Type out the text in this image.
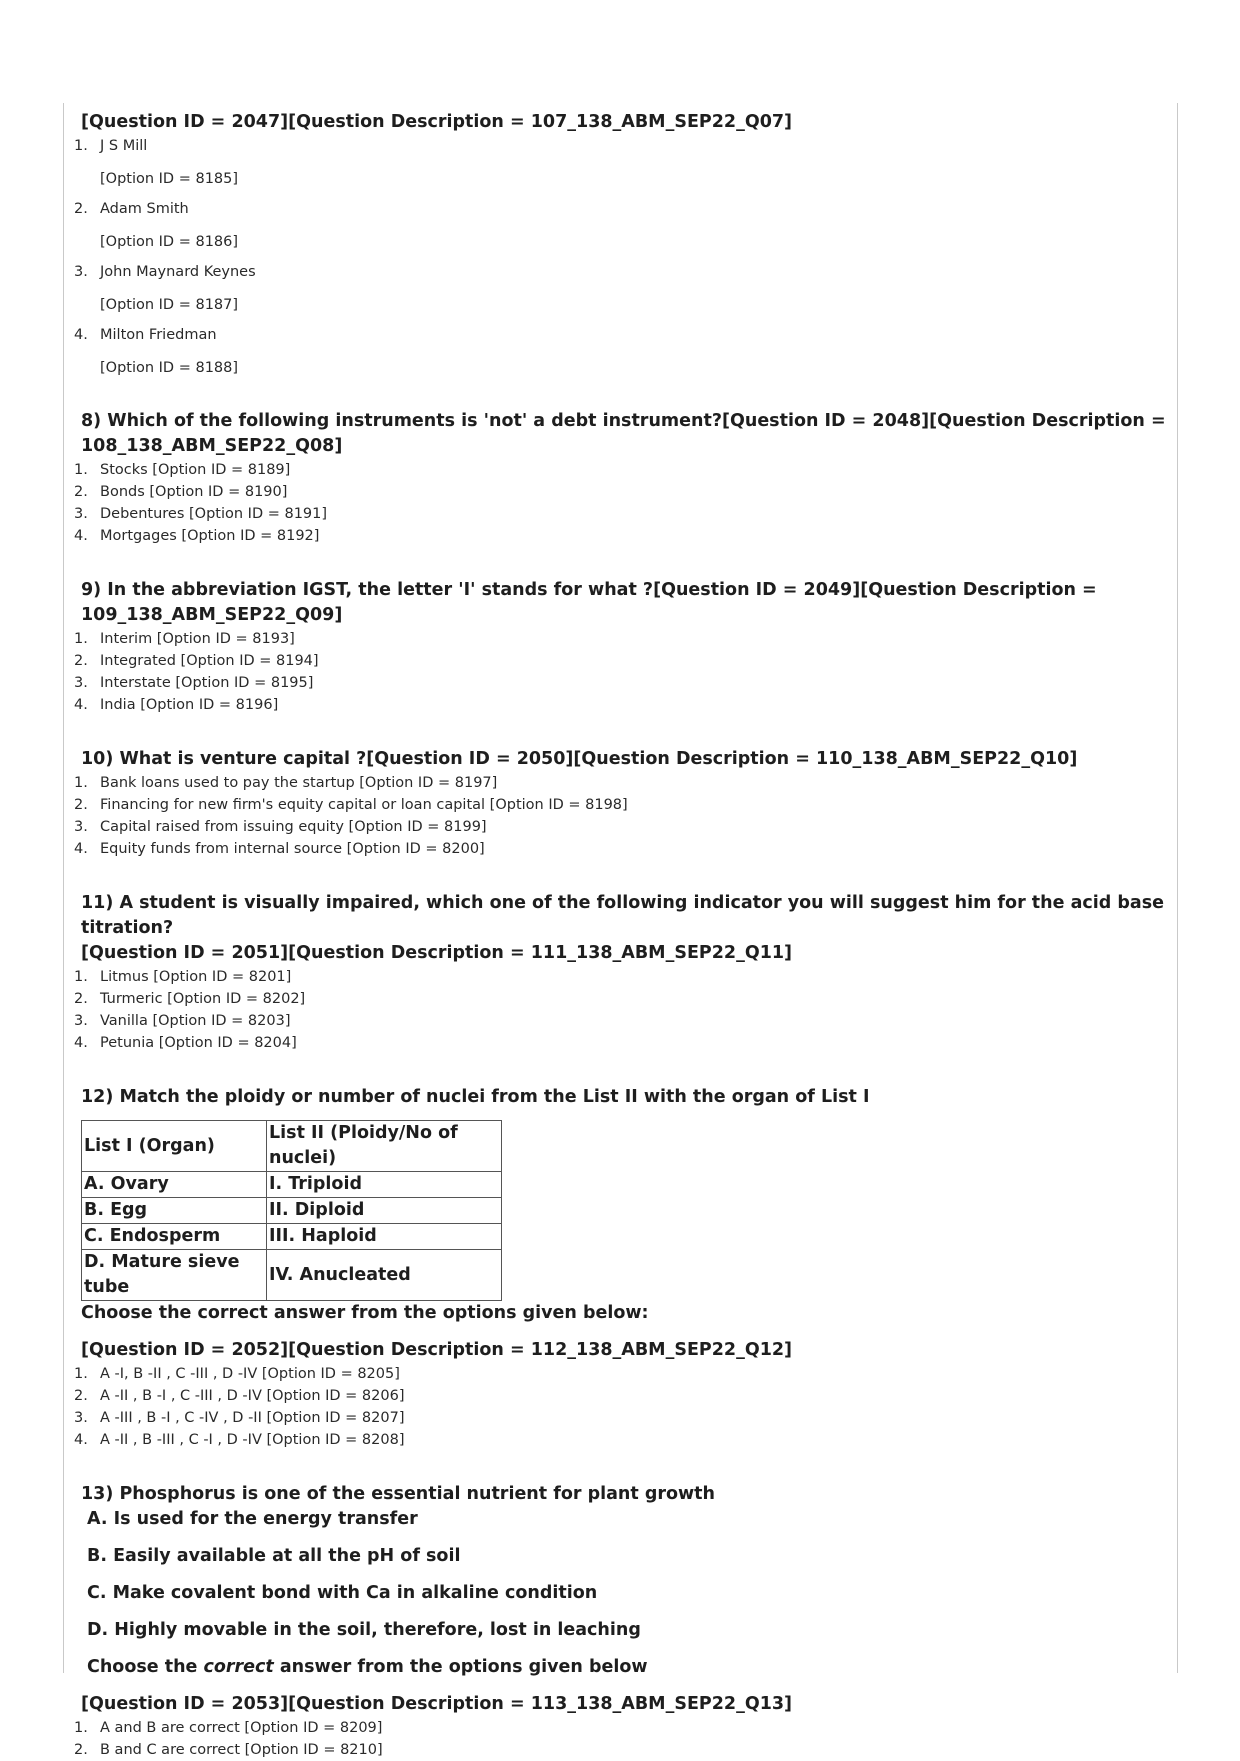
[Question ID = 2047][Question Description = 107_138_ABM_SEP22_Q07]
1. J S Mill
[Option ID = 8185]
2. Adam Smith
[Option ID = 8186]
3. John Maynard Keynes
[Option ID = 8187]
4. Milton Friedman
[Option ID = 8188]
8) Which of the following instruments is 'not' a debt instrument?[Question ID = 2048][Question Description =
108_138_ABM_SEP22_Q08]
1. Stocks [Option ID = 8189]
2. Bonds [Option ID = 8190]
3. Debentures [Option ID = 8191]
4. Mortgages [Option ID = 8192]
9) In the abbreviation IGST, the letter 'I' stands for what ?[Question ID = 2049][Question Description =
109_138_ABM_SEP22_Q09]
1. Interim [Option ID = 8193]
2. Integrated [Option ID = 8194]
3. Interstate [Option ID = 8195]
4. India [Option ID = 8196]
10) What is venture capital ?[Question ID = 2050][Question Description = 110_138_ABM_SEP22_Q10]
1. Bank loans used to pay the startup [Option ID = 8197]
2. Financing for new firm's equity capital or loan capital [Option ID = 8198]
3. Capital raised from issuing equity [Option ID = 8199]
4. Equity funds from internal source [Option ID = 8200]
11) A student is visually impaired, which one of the following indicator you will suggest him for the acid base titration?
[Question ID = 2051][Question Description = 111_138_ABM_SEP22_Q11]
1. Litmus [Option ID = 8201]
2. Turmeric [Option ID = 8202]
3. Vanilla [Option ID = 8203]
4. Petunia [Option ID = 8204]
12) Match the ploidy or number of nuclei from the List II with the organ of List I
List I (Organ)	List II (Ploidy/No of nuclei)
A. Ovary	I. Triploid
B. Egg	II. Diploid
C. Endosperm	III. Haploid
D. Mature sieve tube	IV. Anucleated
Choose the correct answer from the options given below:
[Question ID = 2052][Question Description = 112_138_ABM_SEP22_Q12]
1. A -I, B -II , C -III , D -IV [Option ID = 8205]
2. A -II , B -I , C -III , D -IV [Option ID = 8206]
3. A -III , B -I , C -IV , D -II [Option ID = 8207]
4. A -II , B -III , C -I , D -IV [Option ID = 8208]
13) Phosphorus is one of the essential nutrient for plant growth
A. Is used for the energy transfer
B. Easily available at all the pH of soil
C. Make covalent bond with Ca in alkaline condition
D. Highly movable in the soil, therefore, lost in leaching
Choose the correct answer from the options given below
[Question ID = 2053][Question Description = 113_138_ABM_SEP22_Q13]
1. A and B are correct [Option ID = 8209]
2. B and C are correct [Option ID = 8210]
